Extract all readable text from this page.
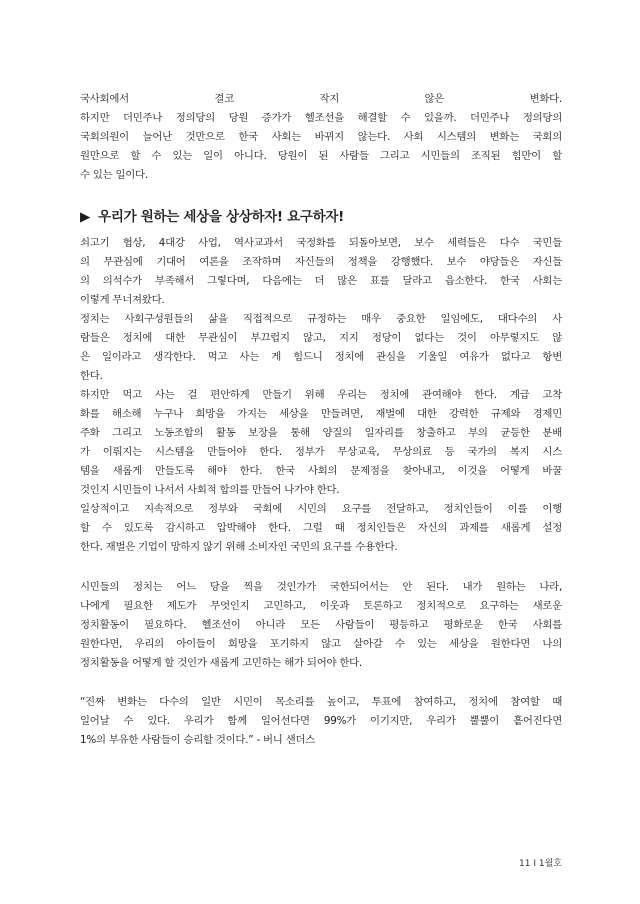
국사회에서 결코 작지 않은 변화다.
하지만 더민주나 정의당의 당원 증가가 헬조선을 해결할 수 있을까. 더민주나 정의당의
국회의원이 늘어난 것만으로 한국 사회는 바뀌지 않는다. 사회 시스템의 변화는 국회의
원만으로 할 수 있는 일이 아니다. 당원이 된 사람들 그리고 시민들의 조직된 힘만이 할
수 있는 일이다.
▶ 우리가 원하는 세상을 상상하자! 요구하자!
쇠고기 협상, 4대강 사업, 역사교과서 국정화를 되돌아보면, 보수 세력들은 다수 국민들
의 무관심에 기대어 여론을 조작하며 자신들의 정책을 강행했다. 보수 야당들은 자신들
의 의석수가 부족해서 그렇다며, 다음에는 더 많은 표를 달라고 읍소한다. 한국 사회는
이렇게 무너져왔다.
정치는 사회구성원들의 삶을 직접적으로 규정하는 매우 중요한 일임에도, 대다수의 사
람들은 정치에 대한 무관심이 부끄럽지 않고, 지지 정당이 없다는 것이 아무렇지도 않
은 일이라고 생각한다. 먹고 사는 게 힘드니 정치에 관심을 기울일 여유가 없다고 항변
한다.
하지만 먹고 사는 걸 편안하게 만들기 위해 우리는 정치에 관여해야 한다. 계급 고착
화를 해소해 누구나 희망을 가지는 세상을 만들려면, 재벌에 대한 강력한 규제와 경제민
주화 그리고 노동조합의 활동 보장을 통해 양질의 일자리를 창출하고 부의 균등한 분배
가 이뤄지는 시스템을 만들어야 한다. 정부가 무상교육, 무상의료 등 국가의 복지 시스
템을 새롭게 만들도록 해야 한다. 한국 사회의 문제점을 찾아내고, 이것을 어떻게 바꿀
것인지 시민들이 나서서 사회적 합의를 만들어 나가야 한다.
일상적이고 지속적으로 정부와 국회에 시민의 요구를 전달하고, 정치인들이 이를 이행
할 수 있도록 감시하고 압박해야 한다. 그럴 때 정치인들은 자신의 과제를 새롭게 설정
한다. 재벌은 기업이 망하지 않기 위해 소비자인 국민의 요구를 수용한다.
시민들의 정치는 어느 당을 찍을 것인가가 국한되어서는 안 된다. 내가 원하는 나라,
나에게 필요한 제도가 무엇인지 고민하고, 이웃과 토론하고 정치적으로 요구하는 새로운
정치활동이 필요하다. 헬조선이 아니라 모든 사람들이 평등하고 평화로운 한국 사회를
원한다면, 우리의 아이들이 희망을 포기하지 않고 살아갈 수 있는 세상을 원한다면 나의
정치활동을 어떻게 할 것인가 새롭게 고민하는 해가 되어야 한다.
“진짜 변화는 다수의 일반 시민이 목소리를 높이고, 투표에 참여하고, 정치에 참여할 때
일어날 수 있다. 우리가 함께 일어선다면 99%가 이기지만, 우리가 뿔뿔이 흩어진다면
1%의 부유한 사람들이 승리할 것이다.” - 버니 샌더스
11 I 1월호
